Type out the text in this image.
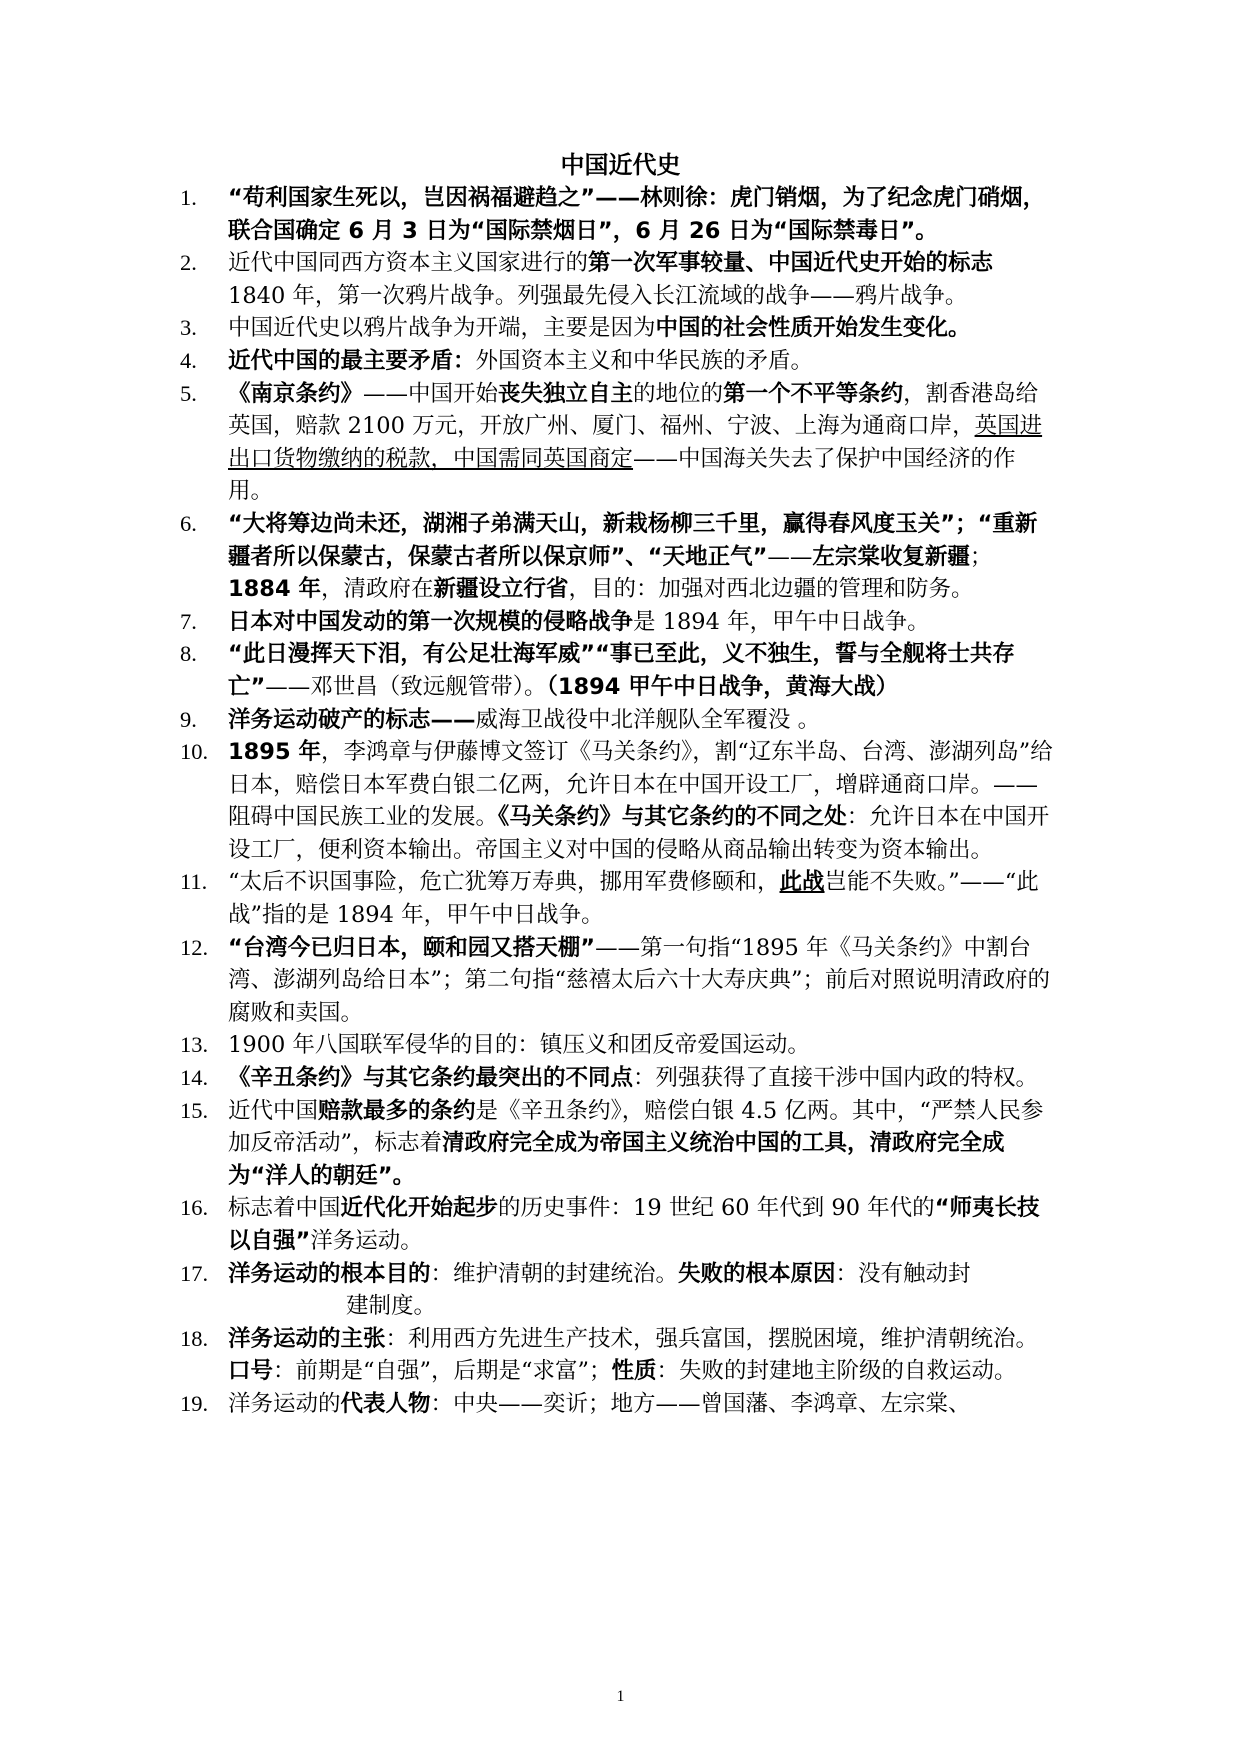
中国近代史
1.	“苟利国家生死以，岂因祸福避趋之”——林则徐：虎门销烟，为了纪念虎门硝烟，联合国确定 6 月 3 日为“国际禁烟日”，6 月 26 日为“国际禁毒日”。
2.	近代中国同西方资本主义国家进行的第一次军事较量、中国近代史开始的标志 1840 年，第一次鸦片战争。列强最先侵入长江流域的战争——鸦片战争。
3.	中国近代史以鸦片战争为开端，主要是因为中国的社会性质开始发生变化。
4.	近代中国的最主要矛盾：外国资本主义和中华民族的矛盾。
5.	《南京条约》——中国开始丧失独立自主的地位的第一个不平等条约，割香港岛给英国，赔款 2100 万元，开放广州、厦门、福州、宁波、上海为通商口岸，英国进出口货物缴纳的税款，中国需同英国商定——中国海关失去了保护中国经济的作用。
6.	“大将筹边尚未还，湖湘子弟满天山，新栽杨柳三千里，赢得春风度玉关”；“重新疆者所以保蒙古，保蒙古者所以保京师”、“天地正气”——左宗棠收复新疆；1884 年，清政府在新疆设立行省，目的：加强对西北边疆的管理和防务。
7.	日本对中国发动的第一次规模的侵略战争是 1894 年，甲午中日战争。
8.	“此日漫挥天下泪，有公足壮海军威”“事已至此，义不独生，誓与全舰将士共存亡”——邓世昌（致远舰管带）。（1894 甲午中日战争，黄海大战）
9.	洋务运动破产的标志——威海卫战役中北洋舰队全军覆没 。
10. 1895 年，李鸿章与伊藤博文签订《马关条约》，割“辽东半岛、台湾、澎湖列岛”给日本，赔偿日本军费白银二亿两，允许日本在中国开设工厂，增辟通商口岸。——阻碍中国民族工业的发展。《马关条约》与其它条约的不同之处：允许日本在中国开设工厂，便利资本输出。帝国主义对中国的侵略从商品输出转变为资本输出。
11. “太后不识国事险，危亡犹筹万寿典，挪用军费修颐和，此战岂能不失败。”——“此战”指的是 1894 年，甲午中日战争。
12. “台湾今已归日本，颐和园又搭天棚”——第一句指“1895 年《马关条约》中割台湾、澎湖列岛给日本”；第二句指“慈禧太后六十大寿庆典”；前后对照说明清政府的腐败和卖国。
13. 1900 年八国联军侵华的目的：镇压义和团反帝爱国运动。
14. 《辛丑条约》与其它条约最突出的不同点：列强获得了直接干涉中国内政的特权。
15. 近代中国赔款最多的条约是《辛丑条约》，赔偿白银 4.5 亿两。其中，“严禁人民参加反帝活动”，标志着清政府完全成为帝国主义统治中国的工具，清政府完全成为“洋人的朝廷”。
16. 标志着中国近代化开始起步的历史事件：19 世纪 60 年代到 90 年代的“师夷长技以自强”洋务运动。
17. 洋务运动的根本目的：维护清朝的封建统治。失败的根本原因：没有触动封
建制度。
18. 洋务运动的主张：利用西方先进生产技术，强兵富国，摆脱困境，维护清朝统治。口号：前期是“自强”，后期是“求富”；性质：失败的封建地主阶级的自救运动。
19. 洋务运动的代表人物：中央——奕䜣；地方——曾国藩、李鸿章、左宗棠、
1
